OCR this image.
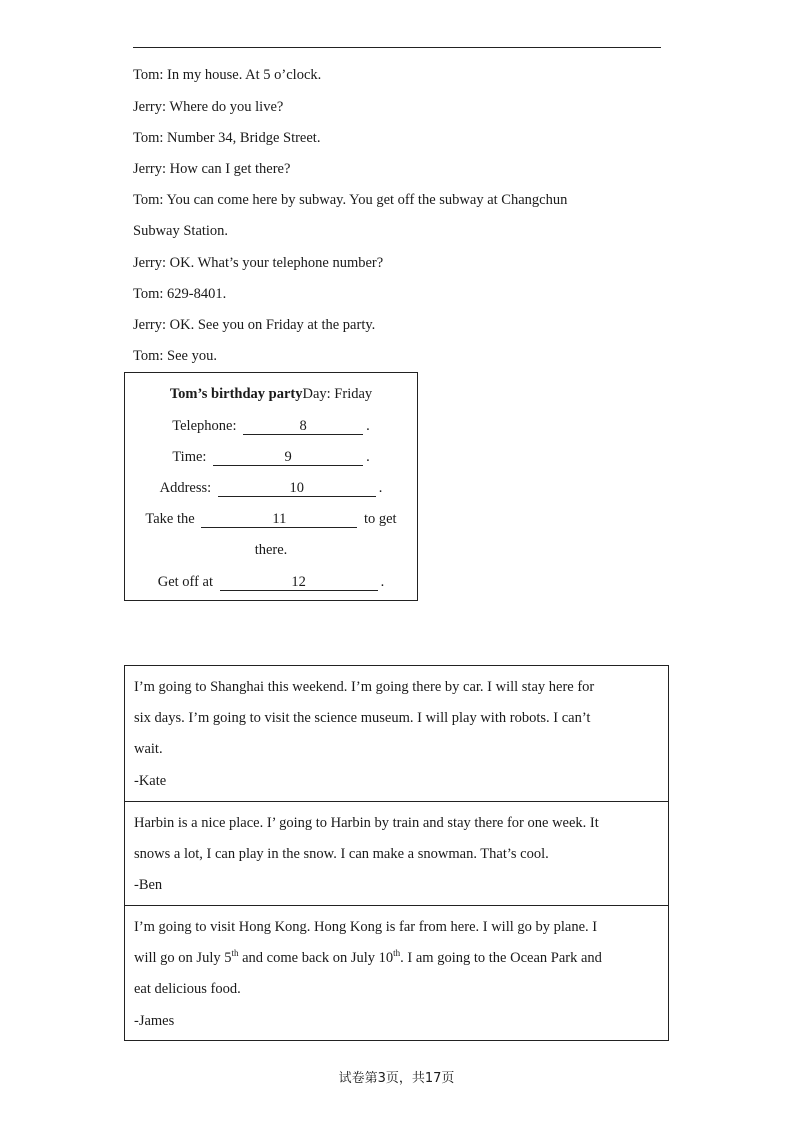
Tom: In my house. At 5 o’clock.
Jerry: Where do you live?
Tom: Number 34, Bridge Street.
Jerry: How can I get there?
Tom: You can come here by subway. You get off the subway at Changchun
Subway Station.
Jerry: OK. What’s your telephone number?
Tom: 629-8401.
Jerry: OK. See you on Friday at the party.
Tom: See you.
Tom’s birthday partyDay: Friday
Telephone:	8	.
Time:	9	.
Address:	10	.
Take the	11	to get
there.
Get off at	12	.
I’m going to Shanghai this weekend. I’m going there by car. I will stay here for
six days. I’m going to visit the science museum. I will play with robots. I can’t
wait.
-Kate
Harbin is a nice place. I’ going to Harbin by train and stay there for one week. It
snows a lot, I can play in the snow. I can make a snowman. That’s cool.
-Ben
I’m going to visit Hong Kong. Hong Kong is far from here. I will go by plane. I
will go on July 5th and come back on July 10th. I am going to the Ocean Park and
eat delicious food.
-James
试卷第3页，共17页
